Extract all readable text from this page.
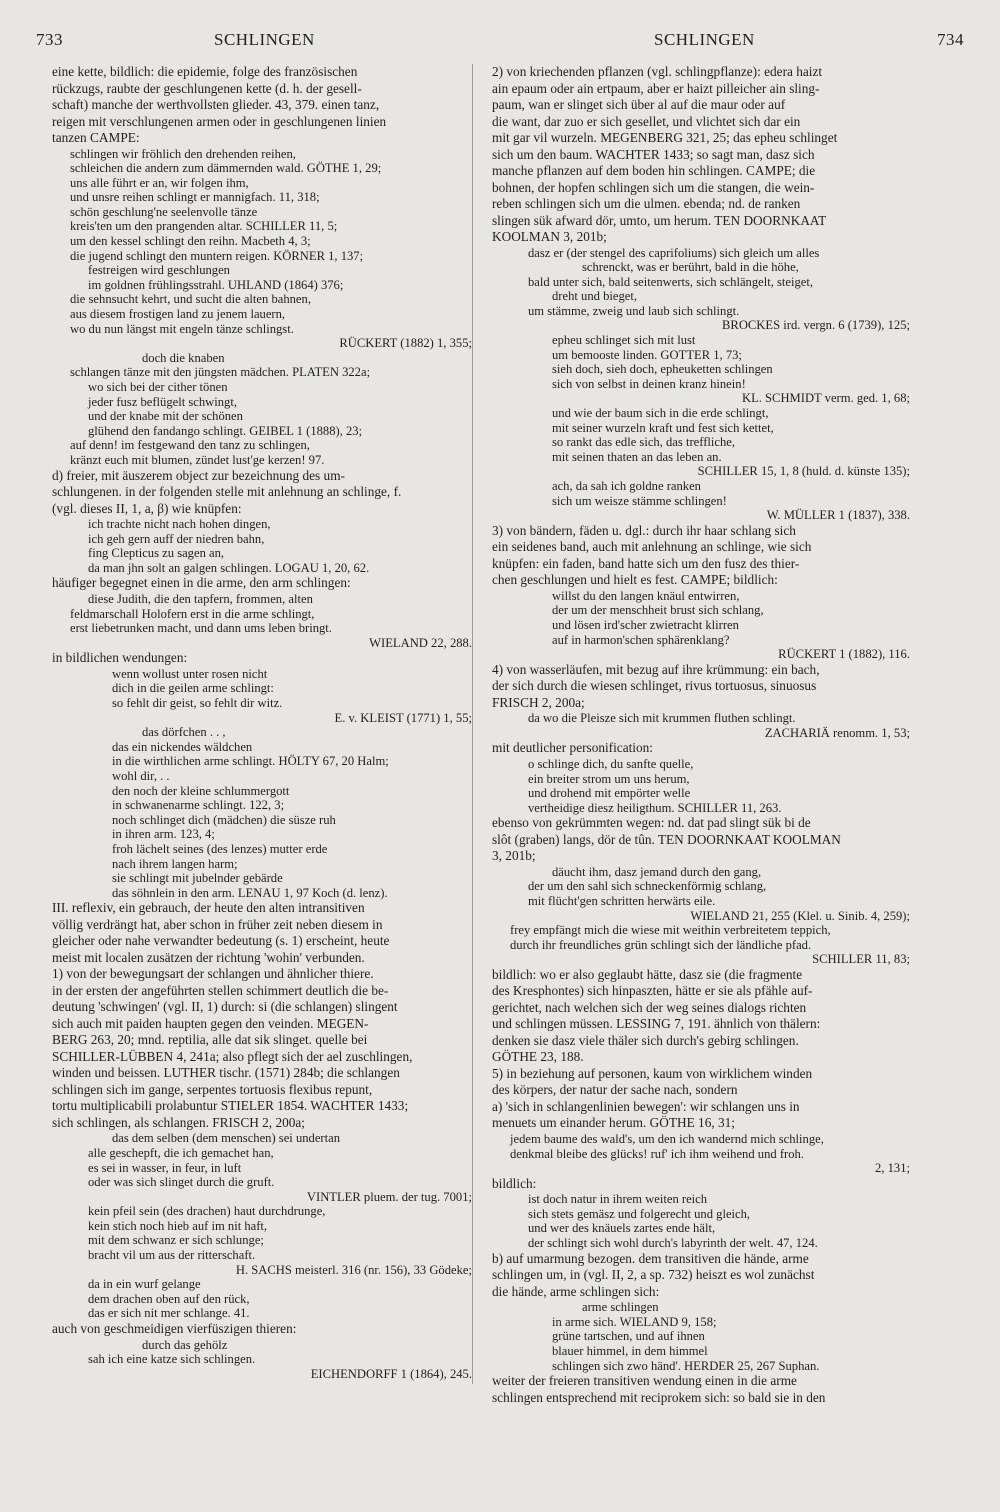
733	SCHLINGEN	SCHLINGEN	734
eine kette, bildlich: die epidemie, folge des französischen
rückzugs, raubte der geschlungenen kette (d. h. der gesell-
schaft) manche der werthvollsten glieder. 43, 379. einen tanz,
reigen mit verschlungenen armen oder in geschlungenen linien
tanzen CAMPE:
schlingen wir fröhlich den drehenden reihen,
schleichen die andern zum dämmernden wald. GÖTHE 1, 29;
uns alle führt er an, wir folgen ihm,
und unsre reihen schlingt er mannigfach. 11, 318;
schön geschlung'ne seelenvolle tänze
kreis'ten um den prangenden altar. SCHILLER 11, 5;
um den kessel schlingt den reihn. Macbeth 4, 3;
die jugend schlingt den muntern reigen. KÖRNER 1, 137;
festreigen wird geschlungen
im goldnen frühlingsstrahl. UHLAND (1864) 376;
die sehnsucht kehrt, und sucht die alten bahnen,
aus diesem frostigen land zu jenem lauern,
wo du nun längst mit engeln tänze schlingst.
RÜCKERT (1882) 1, 355;
doch die knaben
schlangen tänze mit den jüngsten mädchen. PLATEN 322a;
wo sich bei der cither tönen
jeder fusz beflügelt schwingt,
und der knabe mit der schönen
glühend den fandango schlingt. GEIBEL 1 (1888), 23;
auf denn! im festgewand den tanz zu schlingen,
kränzt euch mit blumen, zündet lust'ge kerzen! 97.
d) freier, mit äuszerem object zur bezeichnung des um-
schlungenen. in der folgenden stelle mit anlehnung an schlinge, f.
(vgl. dieses II, 1, a, β) wie knüpfen:
ich trachte nicht nach hohen dingen,
ich geh gern auff der niedren bahn,
fing Clepticus zu sagen an,
da man jhn solt an galgen schlingen. LOGAU 1, 20, 62.
häufiger begegnet einen in die arme, den arm schlingen:
diese Judith, die den tapfern, frommen, alten
feldmarschall Holofern erst in die arme schlingt,
erst liebetrunken macht, und dann ums leben bringt.
WIELAND 22, 288.
in bildlichen wendungen:
wenn wollust unter rosen nicht
dich in die geilen arme schlingt:
so fehlt dir geist, so fehlt dir witz.
E. v. KLEIST (1771) 1, 55;
das dörfchen . . ,
das ein nickendes wäldchen
in die wirthlichen arme schlingt. HÖLTY 67, 20 Halm;
wohl dir, . .
den noch der kleine schlummergott
in schwanenarme schlingt. 122, 3;
noch schlinget dich (mädchen) die süsze ruh
in ihren arm. 123, 4;
froh lächelt seines (des lenzes) mutter erde
nach ihrem langen harm;
sie schlingt mit jubelnder gebärde
das söhnlein in den arm. LENAU 1, 97 Koch (d. lenz).
III. reflexiv, ein gebrauch, der heute den alten intransitiven
völlig verdrängt hat, aber schon in früher zeit neben diesem in
gleicher oder nahe verwandter bedeutung (s. 1) erscheint, heute
meist mit localen zusätzen der richtung 'wohin' verbunden.
1) von der bewegungsart der schlangen und ähnlicher thiere.
in der ersten der angeführten stellen schimmert deutlich die be-
deutung 'schwingen' (vgl. II, 1) durch: si (die schlangen) slingent
sich auch mit paiden haupten gegen den veinden. MEGEN-
BERG 263, 20; mnd. reptilia, alle dat sik slinget. quelle bei
SCHILLER-LÜBBEN 4, 241a; also pflegt sich der ael zuschlingen,
winden und beissen. LUTHER tischr. (1571) 284b; die schlangen
schlingen sich im gange, serpentes tortuosis flexibus repunt,
tortu multiplicabili prolabuntur STIELER 1854. WACHTER 1433;
sich schlingen, als schlangen. FRISCH 2, 200a;
das dem selben (dem menschen) sei undertan
alle geschepft, die ich gemachet han,
es sei in wasser, in feur, in luft
oder was sich slinget durch die gruft.
VINTLER pluem. der tug. 7001;
kein pfeil sein (des drachen) haut durchdrunge,
kein stich noch hieb auf im nit haft,
mit dem schwanz er sich schlunge;
bracht vil um aus der ritterschaft.
H. SACHS meisterl. 316 (nr. 156), 33 Gödeke;
da in ein wurf gelange
dem drachen oben auf den rück,
das er sich nit mer schlange. 41.
auch von geschmeidigen vierfüszigen thieren:
durch das gehölz
sah ich eine katze sich schlingen.
EICHENDORFF 1 (1864), 245.
2) von kriechenden pflanzen (vgl. schlingpflanze): edera haizt
ain epaum oder ain ertpaum, aber er haizt pilleicher ain sling-
paum, wan er slinget sich über al auf die maur oder auf
die want, dar zuo er sich gesellet, und vlichtet sich dar ein
mit gar vil wurzeln. MEGENBERG 321, 25; das epheu schlinget
sich um den baum. WACHTER 1433; so sagt man, dasz sich
manche pflanzen auf dem boden hin schlingen. CAMPE; die
bohnen, der hopfen schlingen sich um die stangen, die wein-
reben schlingen sich um die ulmen. ebenda; nd. de ranken
slingen sük afward dör, umto, um herum. TEN DOORNKAAT
KOOLMAN 3, 201b;
dasz er (der stengel des caprifoliums) sich gleich um alles
schrenckt, was er berührt, bald in die höhe,
bald unter sich, bald seitenwerts, sich schlängelt, steiget,
dreht und bieget,
um stämme, zweig und laub sich schlingt.
BROCKES ird. vergn. 6 (1739), 125;
epheu schlinget sich mit lust
um bemooste linden. GOTTER 1, 73;
sieh doch, sieh doch, epheuketten schlingen
sich von selbst in deinen kranz hinein!
KL. SCHMIDT verm. ged. 1, 68;
und wie der baum sich in die erde schlingt,
mit seiner wurzeln kraft und fest sich kettet,
so rankt das edle sich, das treffliche,
mit seinen thaten an das leben an.
SCHILLER 15, 1, 8 (huld. d. künste 135);
ach, da sah ich goldne ranken
sich um weisze stämme schlingen!
W. MÜLLER 1 (1837), 338.
3) von bändern, fäden u. dgl.: durch ihr haar schlang sich
ein seidenes band, auch mit anlehnung an schlinge, wie sich
knüpfen: ein faden, band hatte sich um den fusz des thier-
chen geschlungen und hielt es fest. CAMPE; bildlich:
willst du den langen knäul entwirren,
der um der menschheit brust sich schlang,
und lösen ird'scher zwietracht klirren
auf in harmon'schen sphärenklang?
RÜCKERT 1 (1882), 116.
4) von wasserläufen, mit bezug auf ihre krümmung: ein bach,
der sich durch die wiesen schlinget, rivus tortuosus, sinuosus
FRISCH 2, 200a;
da wo die Pleisze sich mit krummen fluthen schlingt.
ZACHARIÄ renomm. 1, 53;
mit deutlicher personification:
o schlinge dich, du sanfte quelle,
ein breiter strom um uns herum,
und drohend mit empörter welle
vertheidige diesz heiligthum. SCHILLER 11, 263.
ebenso von gekrümmten wegen: nd. dat pad slingt sük bi de
slôt (graben) langs, dör de tûn. TEN DOORNKAAT KOOLMAN
3, 201b;
däucht ihm, dasz jemand durch den gang,
der um den sahl sich schneckenförmig schlang,
mit flücht'gen schritten herwärts eile.
WIELAND 21, 255 (Klel. u. Sinib. 4, 259);
frey empfängt mich die wiese mit weithin verbreitetem teppich,
durch ihr freundliches grün schlingt sich der ländliche pfad.
SCHILLER 11, 83;
bildlich: wo er also geglaubt hätte, dasz sie (die fragmente
des Kresphontes) sich hinpaszten, hätte er sie als pfähle auf-
gerichtet, nach welchen sich der weg seines dialogs richten
und schlingen müssen. LESSING 7, 191. ähnlich von thälern:
denken sie dasz viele thäler sich durch's gebirg schlingen.
GÖTHE 23, 188.
5) in beziehung auf personen, kaum von wirklichem winden
des körpers, der natur der sache nach, sondern
a) 'sich in schlangenlinien bewegen': wir schlangen uns in
menuets um einander herum. GÖTHE 16, 31;
jedem baume des wald's, um den ich wandernd mich schlinge,
denkmal bleibe des glücks! ruf' ich ihm weihend und froh.
2, 131;
bildlich:
ist doch natur in ihrem weiten reich
sich stets gemäsz und folgerecht und gleich,
und wer des knäuels zartes ende hält,
der schlingt sich wohl durch's labyrinth der welt. 47, 124.
b) auf umarmung bezogen. dem transitiven die hände, arme
schlingen um, in (vgl. II, 2, a sp. 732) heiszt es wol zunächst
die hände, arme schlingen sich:
arme schlingen
in arme sich. WIELAND 9, 158;
grüne tartschen, und auf ihnen
blauer himmel, in dem himmel
schlingen sich zwo händ'. HERDER 25, 267 Suphan.
weiter der freieren transitiven wendung einen in die arme
schlingen entsprechend mit reciprokem sich: so bald sie in den
